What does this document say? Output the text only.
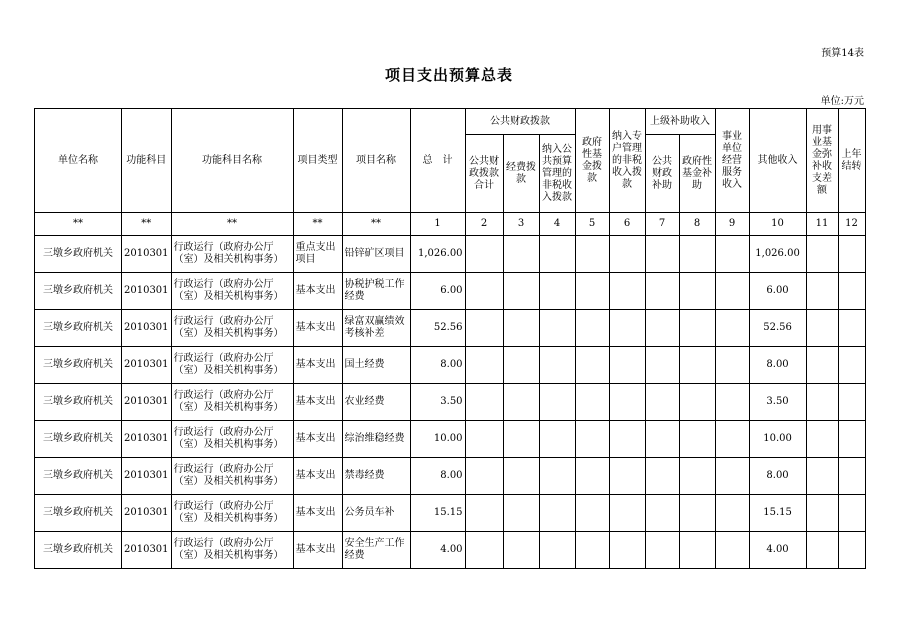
预算14表
项目支出预算总表
单位:万元
单位名称	功能科目	功能科目名称	项目类型	项目名称	总　计	公共财政拨款			政府性基金拨款	纳入专户管理的非税收入拨款	上级补助收入		事业单位经营服务收入	其他收入	用事业基金弥补收支差额	上年结转
						公共财政拨款合计	经费拨款	纳入公共预算管理的非税收入拨款			公共财政补助	政府性基金补助				
**	**	**	**	**	1	2	3	4	5	6	7	8	9	10	11	12
三墩乡政府机关	2010301	行政运行（政府办公厅（室）及相关机构事务）	重点支出项目	铅锌矿区项目	1,026.00									1,026.00		
三墩乡政府机关	2010301	行政运行（政府办公厅（室）及相关机构事务）	基本支出	协税护税工作经费	6.00									6.00		
三墩乡政府机关	2010301	行政运行（政府办公厅（室）及相关机构事务）	基本支出	绿富双赢绩效考核补差	52.56									52.56		
三墩乡政府机关	2010301	行政运行（政府办公厅（室）及相关机构事务）	基本支出	国土经费	8.00									8.00		
三墩乡政府机关	2010301	行政运行（政府办公厅（室）及相关机构事务）	基本支出	农业经费	3.50									3.50		
三墩乡政府机关	2010301	行政运行（政府办公厅（室）及相关机构事务）	基本支出	综治维稳经费	10.00									10.00		
三墩乡政府机关	2010301	行政运行（政府办公厅（室）及相关机构事务）	基本支出	禁毒经费	8.00									8.00		
三墩乡政府机关	2010301	行政运行（政府办公厅（室）及相关机构事务）	基本支出	公务员车补	15.15									15.15		
三墩乡政府机关	2010301	行政运行（政府办公厅（室）及相关机构事务）	基本支出	安全生产工作经费	4.00									4.00		
